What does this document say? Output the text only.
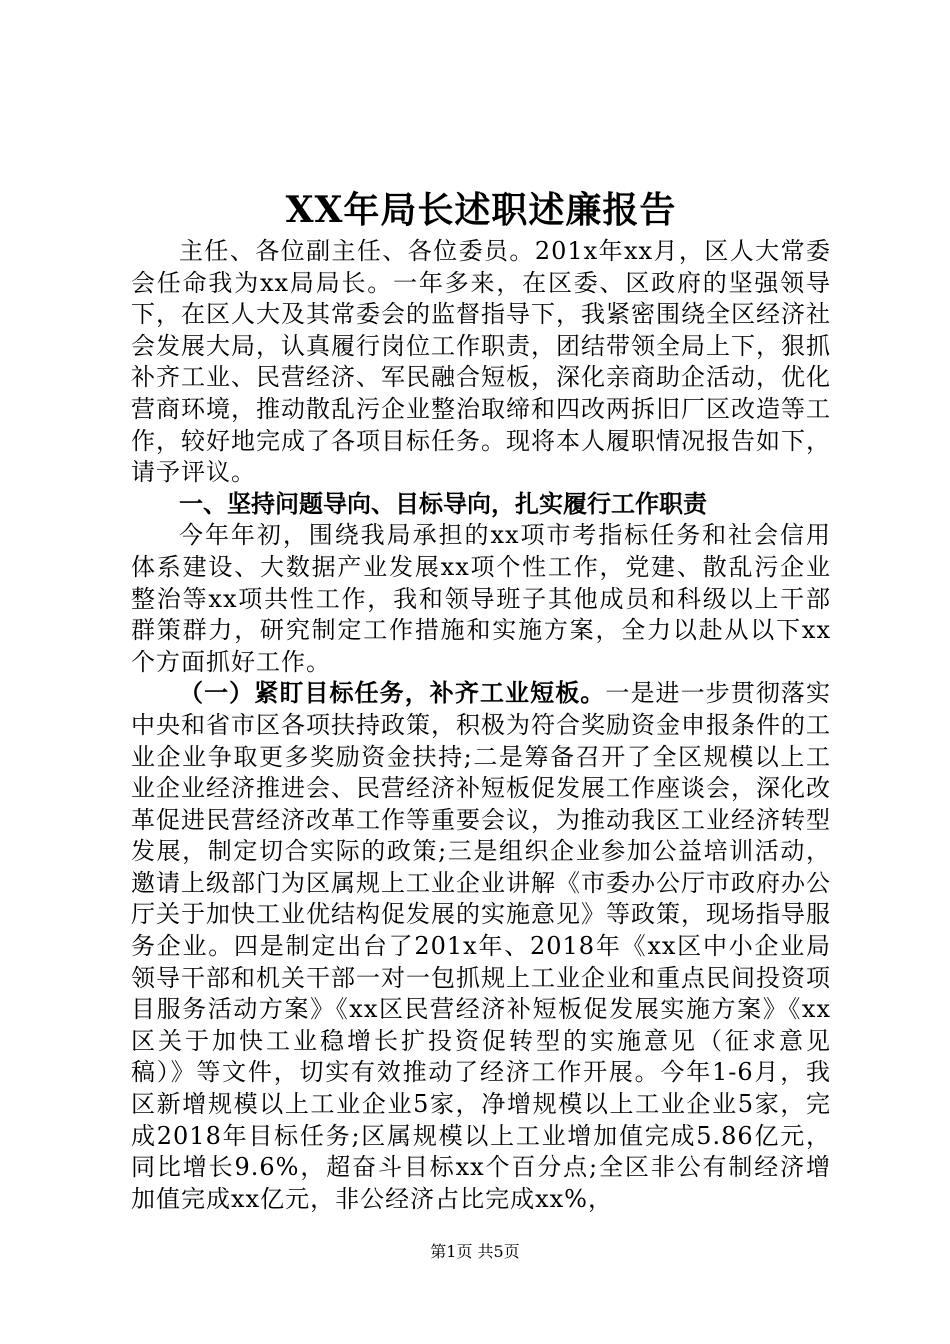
XX年局长述职述廉报告

主任、各位副主任、各位委员。201x年xx月，区人大常委会任命我为xx局局长。一年多来，在区委、区政府的坚强领导下，在区人大及其常委会的监督指导下，我紧密围绕全区经济社会发展大局，认真履行岗位工作职责，团结带领全局上下，狠抓补齐工业、民营经济、军民融合短板，深化亲商助企活动，优化营商环境，推动散乱污企业整治取缔和四改两拆旧厂区改造等工作，较好地完成了各项目标任务。现将本人履职情况报告如下，请予评议。

一、坚持问题导向、目标导向，扎实履行工作职责

今年年初，围绕我局承担的xx项市考指标任务和社会信用体系建设、大数据产业发展xx项个性工作，党建、散乱污企业整治等xx项共性工作，我和领导班子其他成员和科级以上干部群策群力，研究制定工作措施和实施方案，全力以赴从以下xx个方面抓好工作。

（一）紧盯目标任务，补齐工业短板。一是进一步贯彻落实中央和省市区各项扶持政策，积极为符合奖励资金申报条件的工业企业争取更多奖励资金扶持;二是筹备召开了全区规模以上工业企业经济推进会、民营经济补短板促发展工作座谈会，深化改革促进民营经济改革工作等重要会议，为推动我区工业经济转型发展，制定切合实际的政策;三是组织企业参加公益培训活动，邀请上级部门为区属规上工业企业讲解《市委办公厅市政府办公厅关于加快工业优结构促发展的实施意见》等政策，现场指导服务企业。四是制定出台了201x年、2018年《xx区中小企业局领导干部和机关干部一对一包抓规上工业企业和重点民间投资项目服务活动方案》《xx区民营经济补短板促发展实施方案》《xx区关于加快工业稳增长扩投资促转型的实施意见（征求意见稿）》等文件，切实有效推动了经济工作开展。今年1-6月，我区新增规模以上工业企业5家，净增规模以上工业企业5家，完成2018年目标任务;区属规模以上工业增加值完成5.86亿元，同比增长9.6%，超奋斗目标xx个百分点;全区非公有制经济增加值完成xx亿元，非公经济占比完成xx%，

第1页 共5页
